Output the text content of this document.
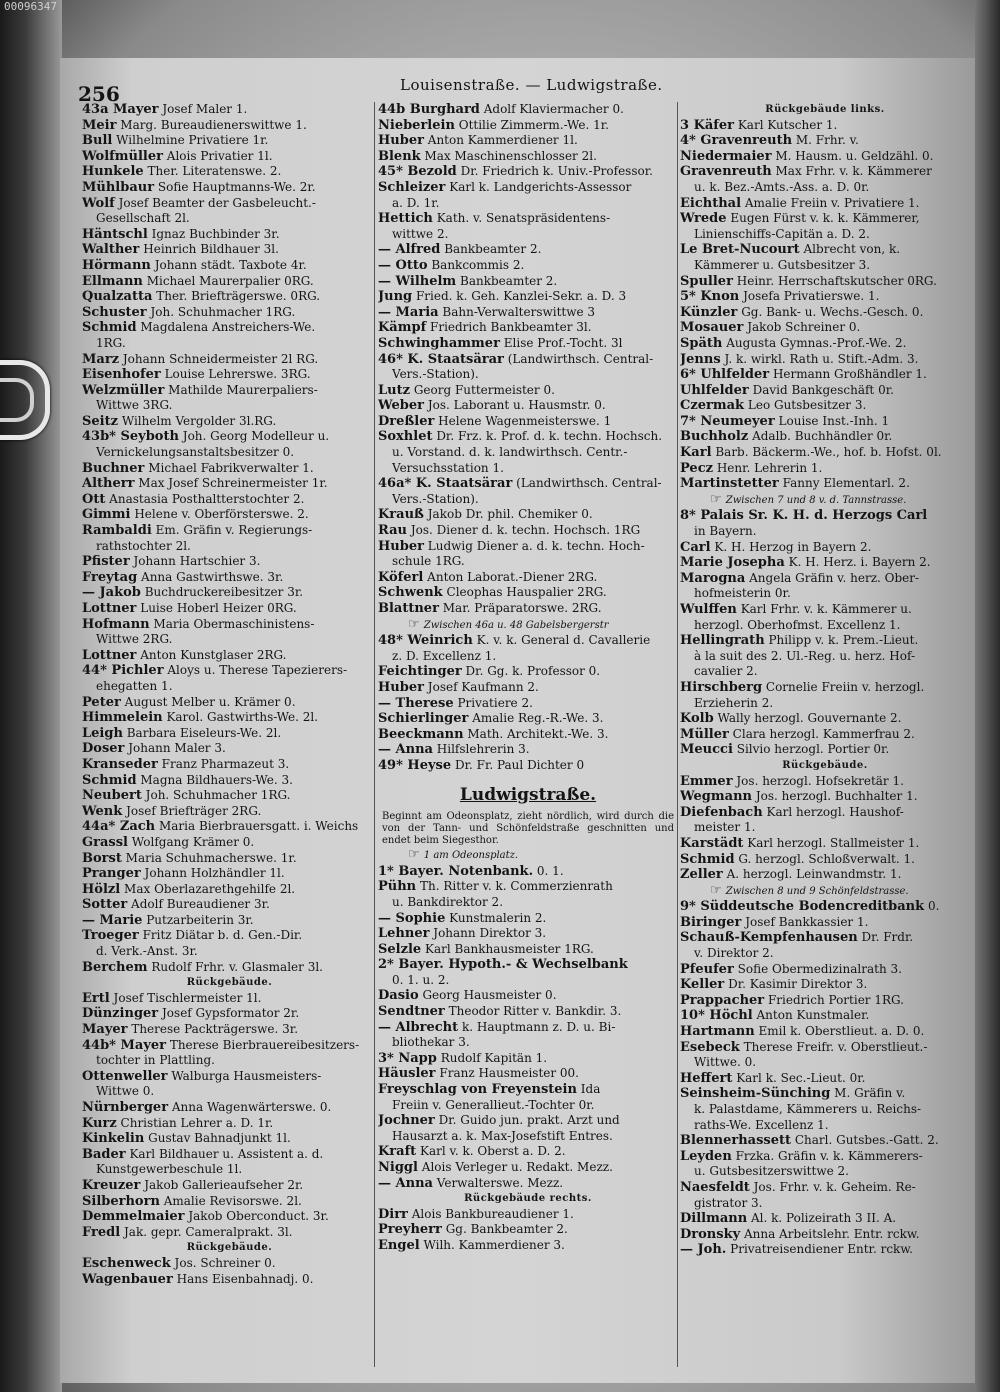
00096347
256	Louisenstraße. — Ludwigstraße.
43a Mayer Josef Maler 1.
Meir Marg. Bureaudienerswittwe 1.
Bull Wilhelmine Privatiere 1r.
Wolfmüller Alois Privatier 1l.
Hunkele Ther. Literatenswe. 2.
Mühlbaur Sofie Hauptmanns-We. 2r.
Wolf Josef Beamter der Gasbeleucht.-
Gesellschaft 2l.
Häntschl Ignaz Buchbinder 3r.
Walther Heinrich Bildhauer 3l.
Hörmann Johann städt. Taxbote 4r.
Ellmann Michael Maurerpalier 0RG.
Qualzatta Ther. Briefträgerswe. 0RG.
Schuster Joh. Schuhmacher 1RG.
Schmid Magdalena Anstreichers-We.
1RG.
Marz Johann Schneidermeister 2l RG.
Eisenhofer Louise Lehrerswe. 3RG.
Welzmüller Mathilde Maurerpaliers-
Wittwe 3RG.
Seitz Wilhelm Vergolder 3l.RG.
43b* Seyboth Joh. Georg Modelleur u.
Vernickelungsanstaltsbesitzer 0.
Buchner Michael Fabrikverwalter 1.
Altherr Max Josef Schreinermeister 1r.
Ott Anastasia Posthaltterstochter 2.
Gimmi Helene v. Oberförsterswe. 2.
Rambaldi Em. Gräfin v. Regierungs-
rathstochter 2l.
Pfister Johann Hartschier 3.
Freytag Anna Gastwirthswe. 3r.
— Jakob Buchdruckereibesitzer 3r.
Lottner Luise Hoberl Heizer 0RG.
Hofmann Maria Obermaschinistens-
Wittwe 2RG.
Lottner Anton Kunstglaser 2RG.
44* Pichler Aloys u. Therese Tapezierers-
ehegatten 1.
Peter August Melber u. Krämer 0.
Himmelein Karol. Gastwirths-We. 2l.
Leigh Barbara Eiseleurs-We. 2l.
Doser Johann Maler 3.
Kranseder Franz Pharmazeut 3.
Schmid Magna Bildhauers-We. 3.
Neubert Joh. Schuhmacher 1RG.
Wenk Josef Briefträger 2RG.
44a* Zach Maria Bierbrauersgatt. i. Weichs
Grassl Wolfgang Krämer 0.
Borst Maria Schuhmacherswe. 1r.
Pranger Johann Holzhändler 1l.
Hölzl Max Oberlazarethgehilfe 2l.
Sotter Adolf Bureaudiener 3r.
— Marie Putzarbeiterin 3r.
Troeger Fritz Diätar b. d. Gen.-Dir.
d. Verk.-Anst. 3r.
Berchem Rudolf Frhr. v. Glasmaler 3l.
Rückgebäude.
Ertl Josef Tischlermeister 1l.
Dünzinger Josef Gypsformator 2r.
Mayer Therese Packträgerswe. 3r.
44b* Mayer Therese Bierbrauereibesitzers-
tochter in Plattling.
Ottenweller Walburga Hausmeisters-
Wittwe 0.
Nürnberger Anna Wagenwärterswe. 0.
Kurz Christian Lehrer a. D. 1r.
Kinkelin Gustav Bahnadjunkt 1l.
Bader Karl Bildhauer u. Assistent a. d.
Kunstgewerbeschule 1l.
Kreuzer Jakob Gallerieaufseher 2r.
Silberhorn Amalie Revisorswe. 2l.
Demmelmaier Jakob Oberconduct. 3r.
Fredl Jak. gepr. Cameralprakt. 3l.
Rückgebäude.
Eschenweck Jos. Schreiner 0.
Wagenbauer Hans Eisenbahnadj. 0.
44b Burghard Adolf Klaviermacher 0.
Nieberlein Ottilie Zimmerm.-We. 1r.
Huber Anton Kammerdiener 1l.
Blenk Max Maschinenschlosser 2l.
45* Bezold Dr. Friedrich k. Univ.-Professor.
Schleizer Karl k. Landgerichts-Assessor
a. D. 1r.
Hettich Kath. v. Senatspräsidentens-
wittwe 2.
— Alfred Bankbeamter 2.
— Otto Bankcommis 2.
— Wilhelm Bankbeamter 2.
Jung Fried. k. Geh. Kanzlei-Sekr. a. D. 3
— Maria Bahn-Verwalterswittwe 3
Kämpf Friedrich Bankbeamter 3l.
Schwinghammer Elise Prof.-Tocht. 3l
46* K. Staatsärar (Landwirthsch. Central-
Vers.-Station).
Lutz Georg Futtermeister 0.
Weber Jos. Laborant u. Hausmstr. 0.
Dreßler Helene Wagenmeisterswe. 1
Soxhlet Dr. Frz. k. Prof. d. k. techn. Hochsch.
u. Vorstand. d. k. landwirthsch. Centr.-
Versuchsstation 1.
46a* K. Staatsärar (Landwirthsch. Central-
Vers.-Station).
Krauß Jakob Dr. phil. Chemiker 0.
Rau Jos. Diener d. k. techn. Hochsch. 1RG
Huber Ludwig Diener a. d. k. techn. Hoch-
schule 1RG.
Köferl Anton Laborat.-Diener 2RG.
Schwenk Cleophas Hauspalier 2RG.
Blattner Mar. Präparatorswe. 2RG.
☞ Zwischen 46a u. 48 Gabelsbergerstr
48* Weinrich K. v. k. General d. Cavallerie
z. D. Excellenz 1.
Feichtinger Dr. Gg. k. Professor 0.
Huber Josef Kaufmann 2.
— Therese Privatiere 2.
Schierlinger Amalie Reg.-R.-We. 3.
Beeckmann Math. Architekt.-We. 3.
— Anna Hilfslehrerin 3.
49* Heyse Dr. Fr. Paul Dichter 0
Ludwigstraße.
Beginnt am Odeonsplatz, zieht nördlich, wird durch die von der Tann- und Schönfeldstraße geschnitten und endet beim Siegesthor.
☞ 1 am Odeonsplatz.
1* Bayer. Notenbank. 0. 1.
Pühn Th. Ritter v. k. Commerzienrath
u. Bankdirektor 2.
— Sophie Kunstmalerin 2.
Lehner Johann Direktor 3.
Selzle Karl Bankhausmeister 1RG.
2* Bayer. Hypoth.- & Wechselbank
0. 1. u. 2.
Dasio Georg Hausmeister 0.
Sendtner Theodor Ritter v. Bankdir. 3.
— Albrecht k. Hauptmann z. D. u. Bi-
bliothekar 3.
3* Napp Rudolf Kapitän 1.
Häusler Franz Hausmeister 00.
Freyschlag von Freyenstein Ida
Freiin v. Generallieut.-Tochter 0r.
Jochner Dr. Guido jun. prakt. Arzt und
Hausarzt a. k. Max-Josefstift Entres.
Kraft Karl v. k. Oberst a. D. 2.
Niggl Alois Verleger u. Redakt. Mezz.
— Anna Verwalterswe. Mezz.
Rückgebäude rechts.
Dirr Alois Bankbureaudiener 1.
Preyherr Gg. Bankbeamter 2.
Engel Wilh. Kammerdiener 3.
Rückgebäude links.
3 Käfer Karl Kutscher 1.
4* Gravenreuth M. Frhr. v.
Niedermaier M. Hausm. u. Geldzähl. 0.
Gravenreuth Max Frhr. v. k. Kämmerer
u. k. Bez.-Amts.-Ass. a. D. 0r.
Eichthal Amalie Freiin v. Privatiere 1.
Wrede Eugen Fürst v. k. k. Kämmerer,
Linienschiffs-Capitän a. D. 2.
Le Bret-Nucourt Albrecht von, k.
Kämmerer u. Gutsbesitzer 3.
Spuller Heinr. Herrschaftskutscher 0RG.
5* Knon Josefa Privatierswe. 1.
Künzler Gg. Bank- u. Wechs.-Gesch. 0.
Mosauer Jakob Schreiner 0.
Späth Augusta Gymnas.-Prof.-We. 2.
Jenns J. k. wirkl. Rath u. Stift.-Adm. 3.
6* Uhlfelder Hermann Großhändler 1.
Uhlfelder David Bankgeschäft 0r.
Czermak Leo Gutsbesitzer 3.
7* Neumeyer Louise Inst.-Inh. 1
Buchholz Adalb. Buchhändler 0r.
Karl Barb. Bäckerm.-We., hof. b. Hofst. 0l.
Pecz Henr. Lehrerin 1.
Martinstetter Fanny Elementarl. 2.
☞ Zwischen 7 und 8 v. d. Tannstrasse.
8* Palais Sr. K. H. d. Herzogs Carl
in Bayern.
Carl K. H. Herzog in Bayern 2.
Marie Josepha K. H. Herz. i. Bayern 2.
Marogna Angela Gräfin v. herz. Ober-
hofmeisterin 0r.
Wulffen Karl Frhr. v. k. Kämmerer u.
herzogl. Oberhofmst. Excellenz 1.
Hellingrath Philipp v. k. Prem.-Lieut.
à la suit des 2. Ul.-Reg. u. herz. Hof-
cavalier 2.
Hirschberg Cornelie Freiin v. herzogl.
Erzieherin 2.
Kolb Wally herzogl. Gouvernante 2.
Müller Clara herzogl. Kammerfrau 2.
Meucci Silvio herzogl. Portier 0r.
Rückgebäude.
Emmer Jos. herzogl. Hofsekretär 1.
Wegmann Jos. herzogl. Buchhalter 1.
Diefenbach Karl herzogl. Haushof-
meister 1.
Karstädt Karl herzogl. Stallmeister 1.
Schmid G. herzogl. Schloßverwalt. 1.
Zeller A. herzogl. Leinwandmstr. 1.
☞ Zwischen 8 und 9 Schönfeldstrasse.
9* Süddeutsche Bodencreditbank 0.
Biringer Josef Bankkassier 1.
Schauß-Kempfenhausen Dr. Frdr.
v. Direktor 2.
Pfeufer Sofie Obermedizinalrath 3.
Keller Dr. Kasimir Direktor 3.
Prappacher Friedrich Portier 1RG.
10* Höchl Anton Kunstmaler.
Hartmann Emil k. Oberstlieut. a. D. 0.
Esebeck Therese Freifr. v. Oberstlieut.-
Wittwe. 0.
Heffert Karl k. Sec.-Lieut. 0r.
Seinsheim-Sünching M. Gräfin v.
k. Palastdame, Kämmerers u. Reichs-
raths-We. Excellenz 1.
Blennerhassett Charl. Gutsbes.-Gatt. 2.
Leyden Frzka. Gräfin v. k. Kämmerers-
u. Gutsbesitzerswittwe 2.
Naesfeldt Jos. Frhr. v. k. Geheim. Re-
gistrator 3.
Dillmann Al. k. Polizeirath 3 II. A.
Dronsky Anna Arbeitslehr. Entr. rckw.
— Joh. Privatreisendiener Entr. rckw.
